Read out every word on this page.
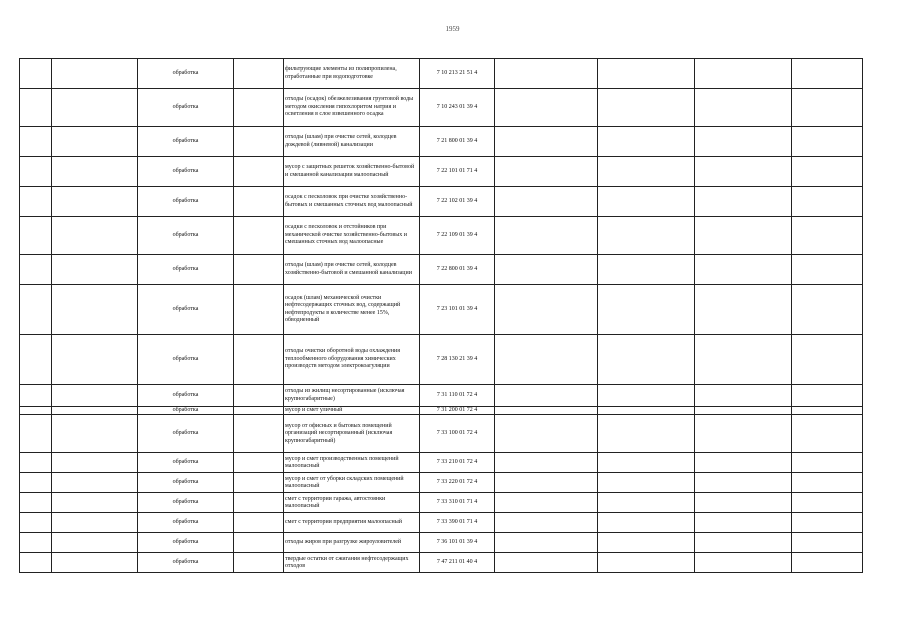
1959
		обработка		фильтрующие элементы из полипропилена, отработанные при водоподготовке	7 10 213 21 51 4				
		обработка		отходы (осадок) обезжелезивания грунтовой воды методом окисления гипохлоритом натрия и осветления в слое взвешенного осадка	7 10 243 01 39 4				
		обработка		отходы (шлам) при очистке сетей, колодцев дождевой (ливневой) канализации	7 21 800 01 39 4				
		обработка		мусор с защитных решеток хозяйственно-бытовой и смешанной канализации малоопасный	7 22 101 01 71 4				
		обработка		осадок с песколовок при очистке хозяйственно-бытовых и смешанных сточных вод малоопасный	7 22 102 01 39 4				
		обработка		осадки с песколовок и отстойников при механической очистке хозяйственно-бытовых и смешанных сточных вод малоопасные	7 22 109 01 39 4				
		обработка		отходы (шлам) при очистке сетей, колодцев хозяйственно-бытовой и смешанной канализации	7 22 800 01 39 4				
		обработка		осадок (шлам) механической очистки нефтесодержащих сточных вод, содержащий нефтепродукты в количестве менее 15%, обводненный	7 23 101 01 39 4				
		обработка		отходы очистки оборотной воды охлаждения теплообменного оборудования химических производств методом электрокоагуляции	7 28 130 21 39 4				
		обработка		отходы из жилищ несортированные (исключая крупногабаритные)	7 31 110 01 72 4				
		обработка		мусор и смет уличный	7 31 200 01 72 4				
		обработка		мусор от офисных и бытовых помещений организаций несортированный (исключая крупногабаритный)	7 33 100 01 72 4				
		обработка		мусор и смет производственных помещений малоопасный	7 33 210 01 72 4				
		обработка		мусор и смет от уборки складских помещений малоопасный	7 33 220 01 72 4				
		обработка		смет с территории гаража, автостоянки малоопасный	7 33 310 01 71 4				
		обработка		смет с территории предприятия малоопасный	7 33 390 01 71 4				
		обработка		отходы жиров при разгрузке жироуловителей	7 36 101 01 39 4				
		обработка		твердые остатки от сжигания нефтесодержащих отходов	7 47 211 01 40 4				
